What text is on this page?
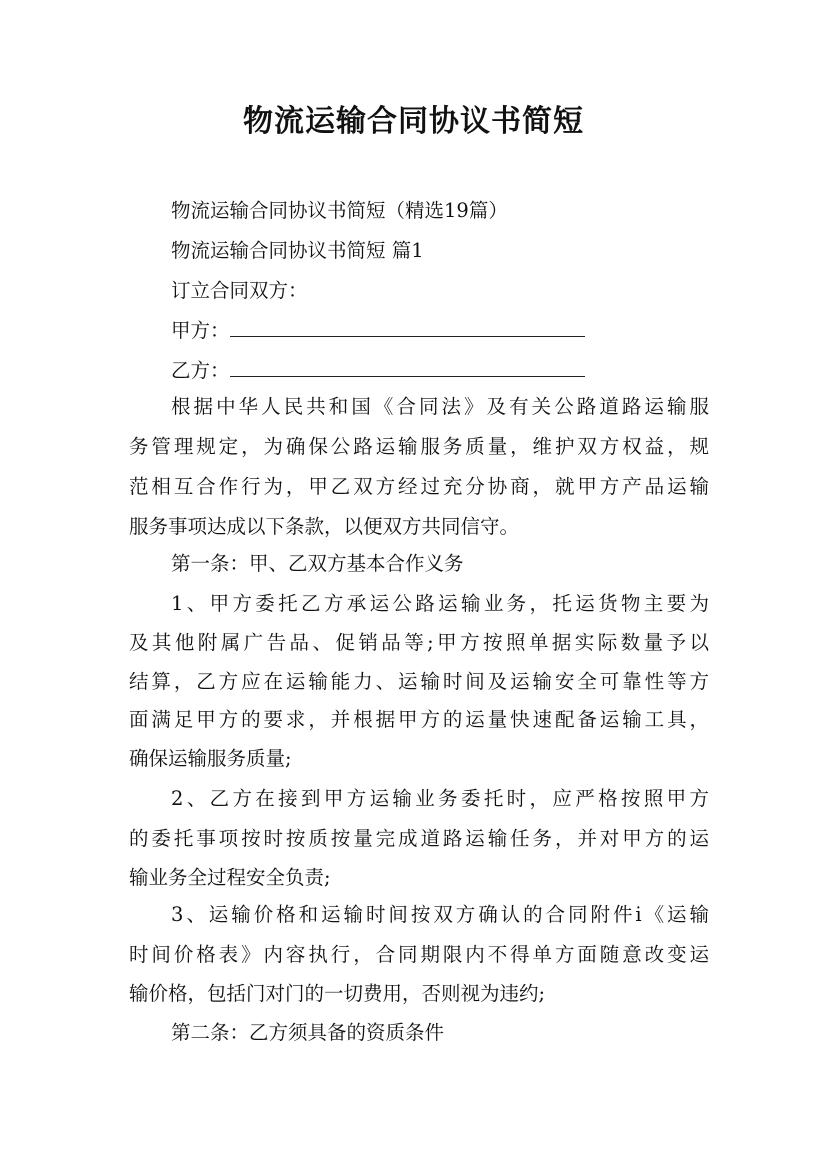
物流运输合同协议书简短
物流运输合同协议书简短（精选19篇）
物流运输合同协议书简短 篇1
订立合同双方：
甲方：
乙方：
根据中华人民共和国《合同法》及有关公路道路运输服
务管理规定，为确保公路运输服务质量，维护双方权益，规
范相互合作行为，甲乙双方经过充分协商，就甲方产品运输
服务事项达成以下条款，以便双方共同信守。
第一条：甲、乙双方基本合作义务
1、甲方委托乙方承运公路运输业务，托运货物主要为
及其他附属广告品、促销品等;甲方按照单据实际数量予以
结算，乙方应在运输能力、运输时间及运输安全可靠性等方
面满足甲方的要求，并根据甲方的运量快速配备运输工具，
确保运输服务质量;
2、乙方在接到甲方运输业务委托时，应严格按照甲方
的委托事项按时按质按量完成道路运输任务，并对甲方的运
输业务全过程安全负责;
3、运输价格和运输时间按双方确认的合同附件i《运输
时间价格表》内容执行，合同期限内不得单方面随意改变运
输价格，包括门对门的一切费用，否则视为违约;
第二条：乙方须具备的资质条件
